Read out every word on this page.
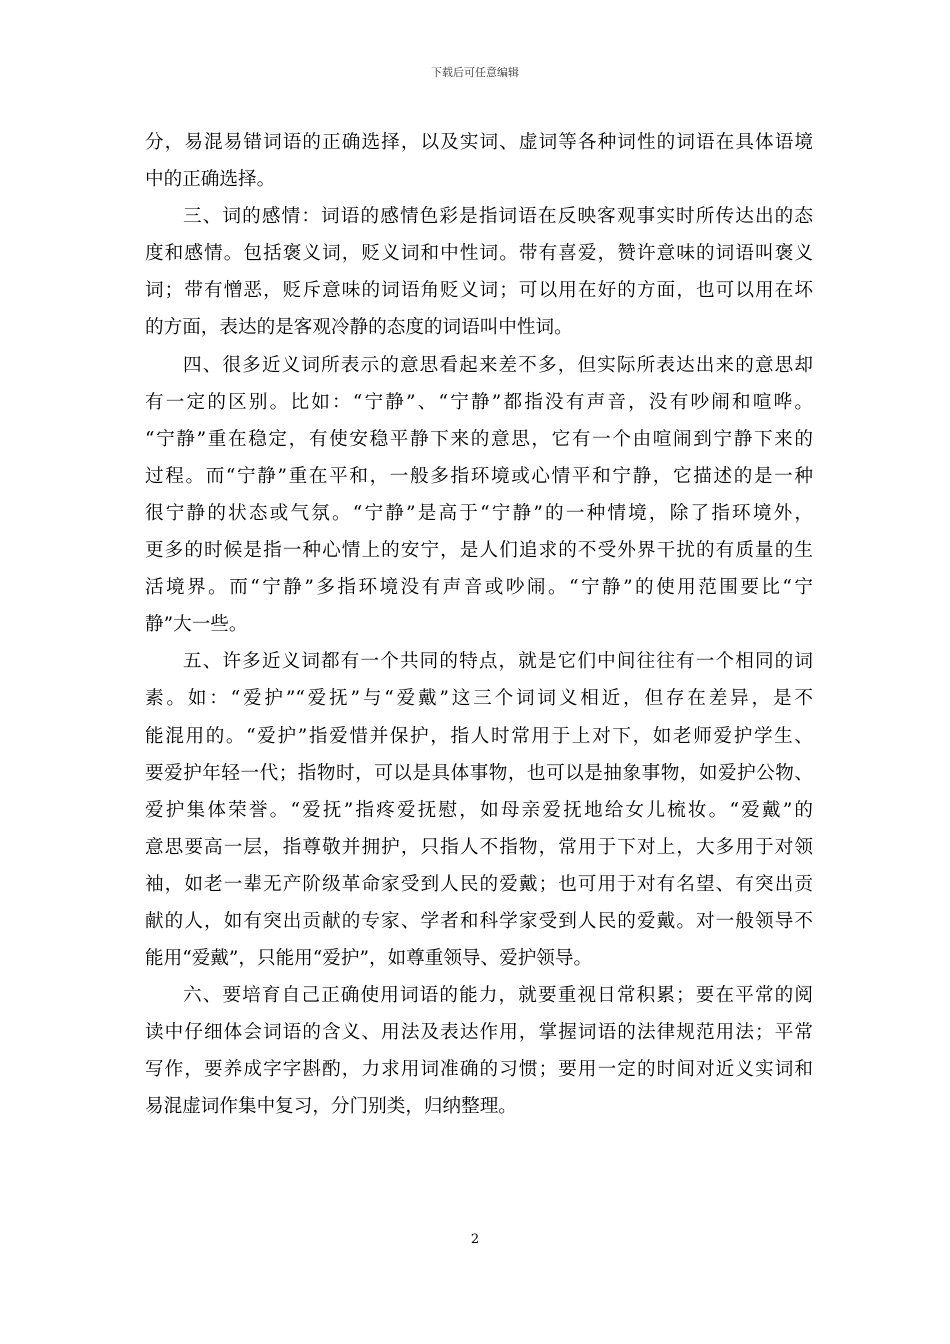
下载后可任意编辑
分，易混易错词语的正确选择，以及实词、虚词等各种词性的词语在具体语境
中的正确选择。
三、词的感情：词语的感情色彩是指词语在反映客观事实时所传达出的态
度和感情。包括褒义词，贬义词和中性词。带有喜爱，赞许意味的词语叫褒义
词；带有憎恶，贬斥意味的词语角贬义词；可以用在好的方面，也可以用在坏
的方面，表达的是客观冷静的态度的词语叫中性词。
四、很多近义词所表示的意思看起来差不多，但实际所表达出来的意思却
有一定的区别。比如：“宁静”、“宁静”都指没有声音，没有吵闹和喧哗。
“宁静”重在稳定，有使安稳平静下来的意思，它有一个由喧闹到宁静下来的
过程。而“宁静”重在平和，一般多指环境或心情平和宁静，它描述的是一种
很宁静的状态或气氛。“宁静”是高于“宁静”的一种情境，除了指环境外，
更多的时候是指一种心情上的安宁，是人们追求的不受外界干扰的有质量的生
活境界。而“宁静”多指环境没有声音或吵闹。“宁静”的使用范围要比“宁
静”大一些。
五、许多近义词都有一个共同的特点，就是它们中间往往有一个相同的词
素。如：“爱护”“爱抚”与“爱戴”这三个词词义相近，但存在差异，是不
能混用的。“爱护”指爱惜并保护，指人时常用于上对下，如老师爱护学生、
要爱护年轻一代；指物时，可以是具体事物，也可以是抽象事物，如爱护公物、
爱护集体荣誉。“爱抚”指疼爱抚慰，如母亲爱抚地给女儿梳妆。“爱戴”的
意思要高一层，指尊敬并拥护，只指人不指物，常用于下对上，大多用于对领
袖，如老一辈无产阶级革命家受到人民的爱戴；也可用于对有名望、有突出贡
献的人，如有突出贡献的专家、学者和科学家受到人民的爱戴。对一般领导不
能用“爱戴”，只能用“爱护”，如尊重领导、爱护领导。
六、要培育自己正确使用词语的能力，就要重视日常积累；要在平常的阅
读中仔细体会词语的含义、用法及表达作用，掌握词语的法律规范用法；平常
写作，要养成字字斟酌，力求用词准确的习惯；要用一定的时间对近义实词和
易混虚词作集中复习，分门别类，归纳整理。
2
